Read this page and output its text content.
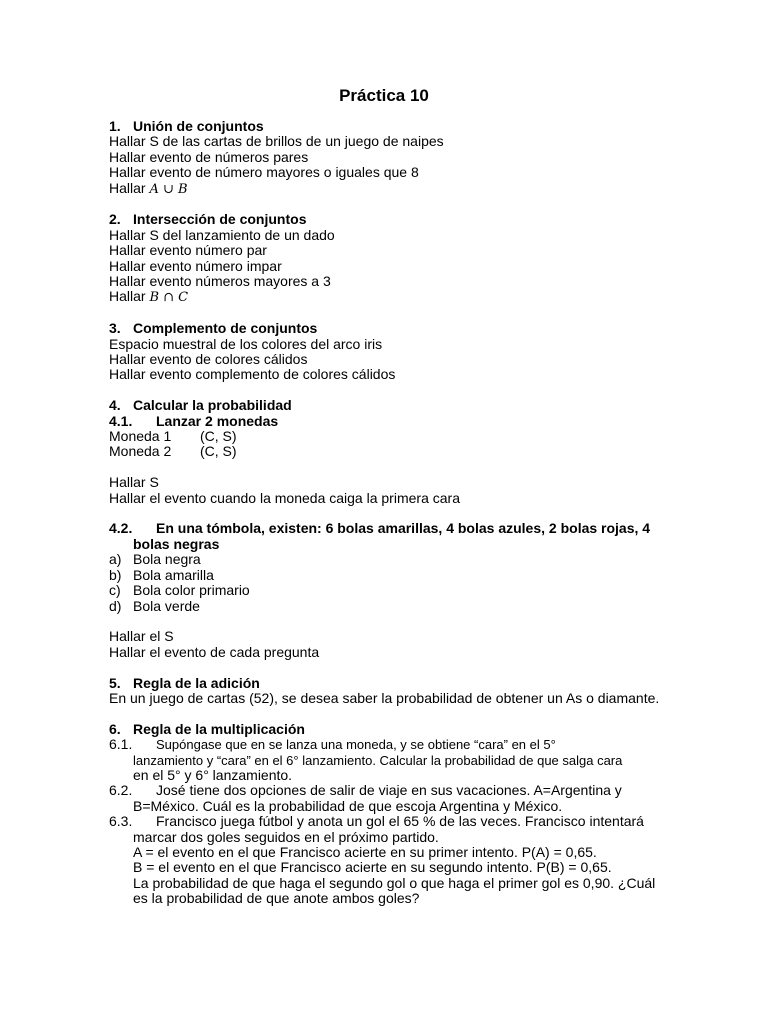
Práctica 10
1. Unión de conjuntos
Hallar S de las cartas de brillos de un juego de naipes
Hallar evento de números pares
Hallar evento de número mayores o iguales que 8
Hallar A ∪ B
2. Intersección de conjuntos
Hallar S del lanzamiento de un dado
Hallar evento número par
Hallar evento número impar
Hallar evento números mayores a 3
Hallar B ∩ C
3. Complemento de conjuntos
Espacio muestral de los colores del arco iris
Hallar evento de colores cálidos
Hallar evento complemento de colores cálidos
4. Calcular la probabilidad
4.1.	Lanzar 2 monedas
Moneda 1	(C, S)
Moneda 2	(C, S)
Hallar S
Hallar el evento cuando la moneda caiga la primera cara
4.2.	En una tómbola, existen: 6 bolas amarillas, 4 bolas azules, 2 bolas rojas, 4
bolas negras
a) Bola negra
b) Bola amarilla
c) Bola color primario
d) Bola verde
Hallar el S
Hallar el evento de cada pregunta
5. Regla de la adición
En un juego de cartas (52), se desea saber la probabilidad de obtener un As o diamante.
6. Regla de la multiplicación
6.1.	Supóngase que en se lanza una moneda, y se obtiene “cara” en el 5°
lanzamiento y “cara” en el 6° lanzamiento. Calcular la probabilidad de que salga cara
en el 5° y 6° lanzamiento.
6.2.	José tiene dos opciones de salir de viaje en sus vacaciones. A=Argentina y
B=México. Cuál es la probabilidad de que escoja Argentina y México.
6.3.	Francisco juega fútbol y anota un gol el 65 % de las veces. Francisco intentará
marcar dos goles seguidos en el próximo partido.
A = el evento en el que Francisco acierte en su primer intento. P(A) = 0,65.
B = el evento en el que Francisco acierte en su segundo intento. P(B) = 0,65.
La probabilidad de que haga el segundo gol o que haga el primer gol es 0,90. ¿Cuál
es la probabilidad de que anote ambos goles?
